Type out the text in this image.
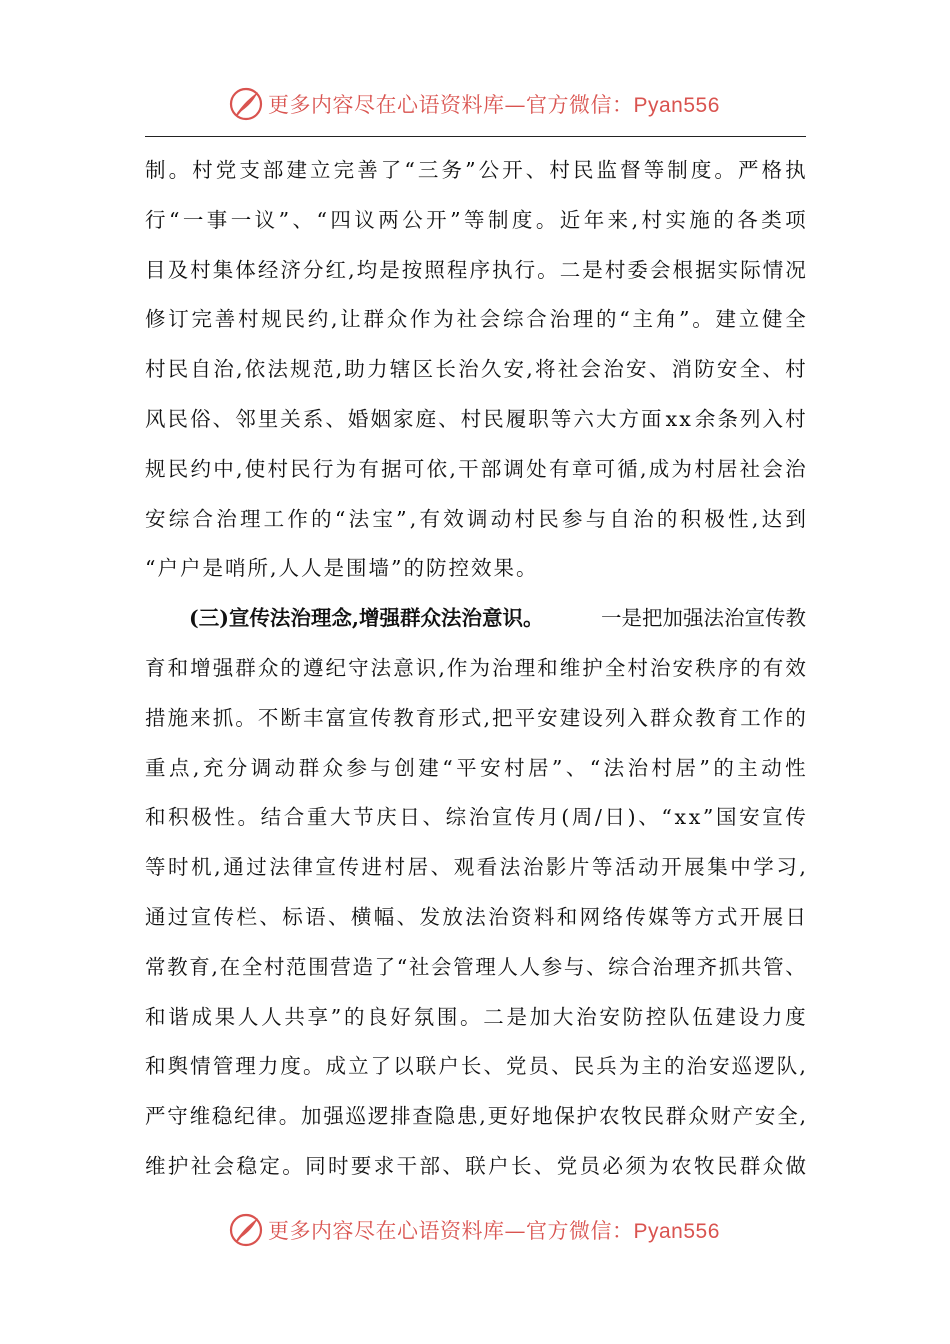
更多内容尽在心语资料库—官方微信：Pyan556
制 。 村 党 支 部 建 立 完 善 了 “ 三 务 ” 公 开 、 村 民 监 督 等 制 度 。 严 格 执
行 “ 一 事 一 议 ” 、 “ 四 议 两 公 开 ” 等 制 度 。 近 年 来 , 村 实 施 的 各 类 项
目 及 村 集 体 经 济 分 红 , 均 是 按 照 程 序 执 行 。 二 是 村 委 会 根 据 实 际 情 况
修 订 完 善 村 规 民 约 , 让 群 众 作 为 社 会 综 合 治 理 的 “ 主 角 ” 。 建 立 健 全
村 民 自 治 , 依 法 规 范 , 助 力 辖 区 长 治 久 安 , 将 社 会 治 安 、 消 防 安 全 、 村
风 民 俗 、 邻 里 关 系 、 婚 姻 家 庭 、 村 民 履 职 等 六 大 方 面 x x 余 条 列 入 村
规 民 约 中 , 使 村 民 行 为 有 据 可 依 , 干 部 调 处 有 章 可 循 , 成 为 村 居 社 会 治
安 综 合 治 理 工 作 的 “ 法 宝 ” , 有 效 调 动 村 民 参 与 自 治 的 积 极 性 , 达 到
“户户是哨所,人人是围墙”的防控效果。
(三)宣传法治理念,增强群众法治意识。	一是把加强法治宣传教
育 和 增 强 群 众 的 遵 纪 守 法 意 识 , 作 为 治 理 和 维 护 全 村 治 安 秩 序 的 有 效
措 施 来 抓 。 不 断 丰 富 宣 传 教 育 形 式 , 把 平 安 建 设 列 入 群 众 教 育 工 作 的
重 点 , 充 分 调 动 群 众 参 与 创 建 “ 平 安 村 居 ” 、 “ 法 治 村 居 ” 的 主 动 性
和 积 极 性 。 结 合 重 大 节 庆 日 、 综 治 宣 传 月 ( 周 / 日 ) 、 “ x x ” 国 安 宣 传
等 时 机 , 通 过 法 律 宣 传 进 村 居 、 观 看 法 治 影 片 等 活 动 开 展 集 中 学 习 ,
通 过 宣 传 栏 、 标 语 、 横 幅 、 发 放 法 治 资 料 和 网 络 传 媒 等 方 式 开 展 日
常 教 育 , 在 全 村 范 围 营 造 了 “ 社 会 管 理 人 人 参 与 、 综 合 治 理 齐 抓 共 管 、
和 谐 成 果 人 人 共 享 ” 的 良 好 氛 围 。 二 是 加 大 治 安 防 控 队 伍 建 设 力 度
和 舆 情 管 理 力 度 。 成 立 了 以 联 户 长 、 党 员 、 民 兵 为 主 的 治 安 巡 逻 队 ,
严 守 维 稳 纪 律 。 加 强 巡 逻 排 查 隐 患 , 更 好 地 保 护 农 牧 民 群 众 财 产 安 全 ,
维 护 社 会 稳 定 。 同 时 要 求 干 部 、 联 户 长 、 党 员 必 须 为 农 牧 民 群 众 做
更多内容尽在心语资料库—官方微信：Pyan556
